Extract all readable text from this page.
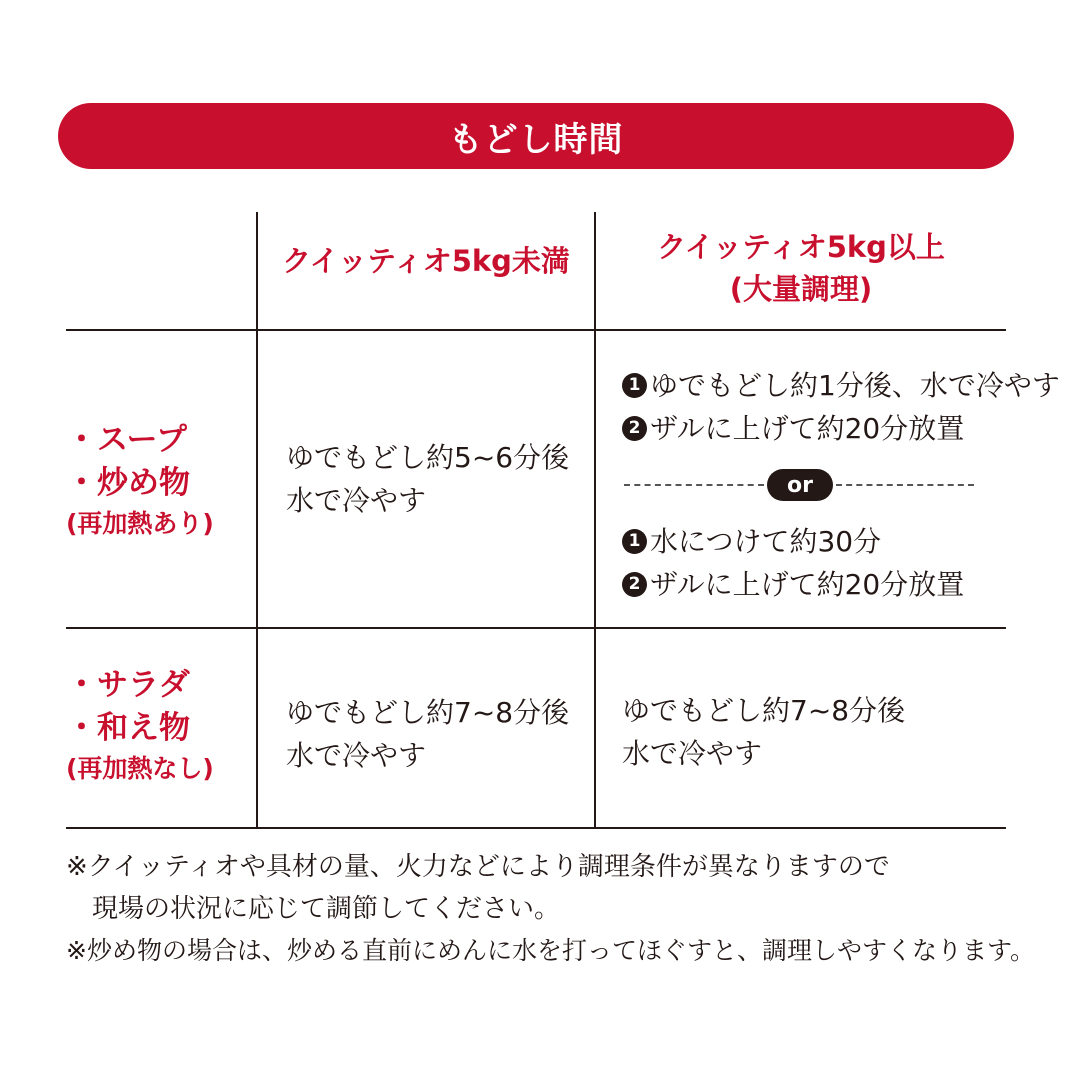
もどし時間
クイッティオ5kg未満	クイッティオ5kg以上
(大量調理)
・スープ
・炒め物
(再加熱あり)
ゆでもどし約5~6分後
水で冷やす
1 ゆでもどし約1分後、水で冷やす
2 ザルに上げて約20分放置
or
1 水につけて約30分
2 ザルに上げて約20分放置
・サラダ
・和え物
(再加熱なし)
ゆでもどし約7~8分後
水で冷やす
ゆでもどし約7~8分後
水で冷やす
※クイッティオや具材の量、火力などにより調理条件が異なりますので
　現場の状況に応じて調節してください。
※炒め物の場合は、炒める直前にめんに水を打ってほぐすと、調理しやすくなります。
